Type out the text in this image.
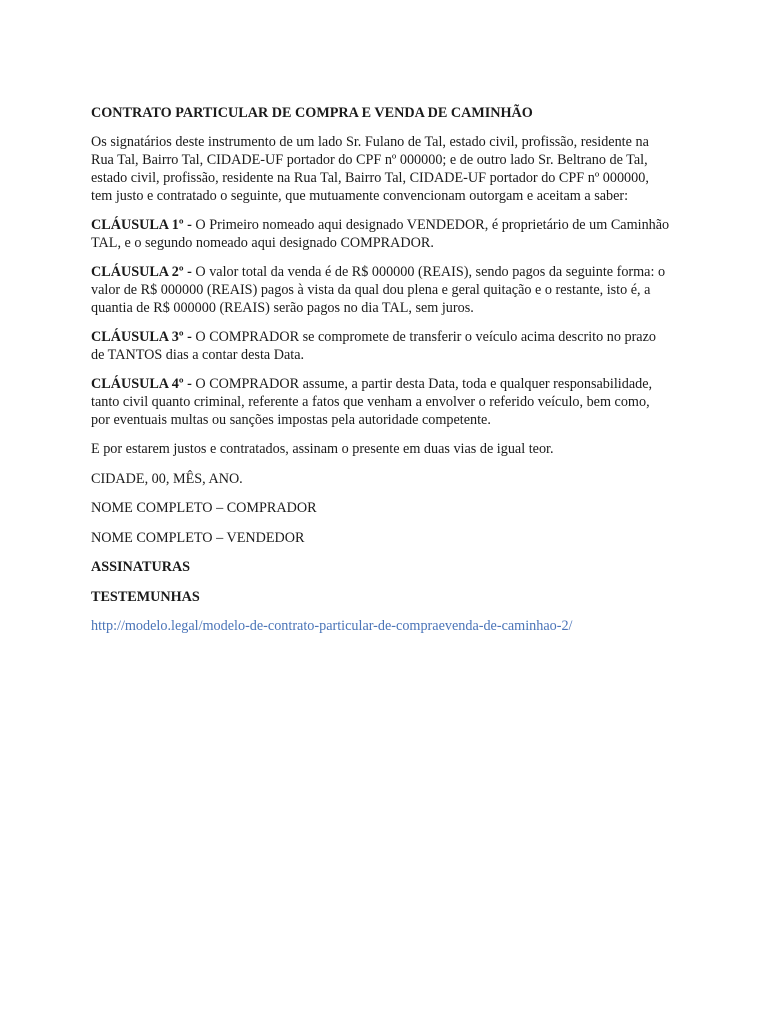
CONTRATO PARTICULAR DE COMPRA E VENDA DE CAMINHÃO
Os signatários deste instrumento de um lado Sr. Fulano de Tal, estado civil, profissão, residente na Rua Tal, Bairro Tal, CIDADE-UF portador do CPF nº 000000; e de outro lado Sr. Beltrano de Tal, estado civil, profissão, residente na Rua Tal, Bairro Tal, CIDADE-UF portador do CPF nº 000000, tem justo e contratado o seguinte, que mutuamente convencionam outorgam e aceitam a saber:
CLÁUSULA 1º - O Primeiro nomeado aqui designado VENDEDOR, é proprietário de um Caminhão TAL, e o segundo nomeado aqui designado COMPRADOR.
CLÁUSULA 2º - O valor total da venda é de R$ 000000 (REAIS), sendo pagos da seguinte forma: o valor de R$ 000000 (REAIS) pagos à vista da qual dou plena e geral quitação e o restante, isto é, a quantia de R$ 000000 (REAIS) serão pagos no dia TAL, sem juros.
CLÁUSULA 3º - O COMPRADOR se compromete de transferir o veículo acima descrito no prazo de TANTOS dias a contar desta Data.
CLÁUSULA 4º - O COMPRADOR assume, a partir desta Data, toda e qualquer responsabilidade, tanto civil quanto criminal, referente a fatos que venham a envolver o referido veículo, bem como, por eventuais multas ou sanções impostas pela autoridade competente.
E por estarem justos e contratados, assinam o presente em duas vias de igual teor.
CIDADE, 00, MÊS, ANO.
NOME COMPLETO – COMPRADOR
NOME COMPLETO – VENDEDOR
ASSINATURAS
TESTEMUNHAS
http://modelo.legal/modelo-de-contrato-particular-de-compraevenda-de-caminhao-2/
